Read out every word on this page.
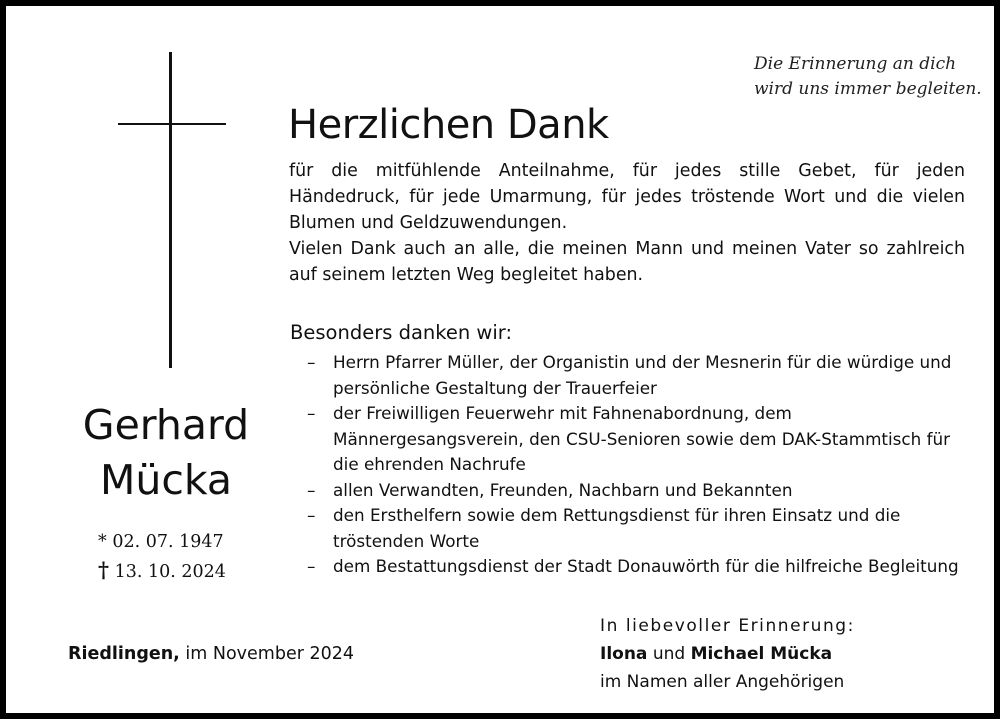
Die Erinnerung an dich
wird uns immer begleiten.
Herzlichen Dank

für die mitfühlende Anteilnahme, für jedes stille Gebet, für jeden Händedruck, für jede Umarmung, für jedes tröstende Wort und die vielen Blumen und Geldzuwendungen.

Vielen Dank auch an alle, die meinen Mann und meinen Vater so zahlreich auf seinem letzten Weg begleitet haben.

Besonders danken wir:
–	Herrn Pfarrer Müller, der Organistin und der Mesnerin für die würdige und persönliche Gestaltung der Trauerfeier
–	der Freiwilligen Feuerwehr mit Fahnenabordnung, dem Männergesangsverein, den CSU-Senioren sowie dem DAK-Stammtisch für die ehrenden Nachrufe
–	allen Verwandten, Freunden, Nachbarn und Bekannten
–	den Ersthelfern sowie dem Rettungsdienst für ihren Einsatz und die tröstenden Worte
–	dem Bestattungsdienst der Stadt Donauwörth für die hilfreiche Begleitung
Gerhard
Mücka
* 02. 07. 1947
† 13. 10. 2024
Riedlingen, im November 2024
In liebevoller Erinnerung:
Ilona und Michael Mücka
im Namen aller Angehörigen
